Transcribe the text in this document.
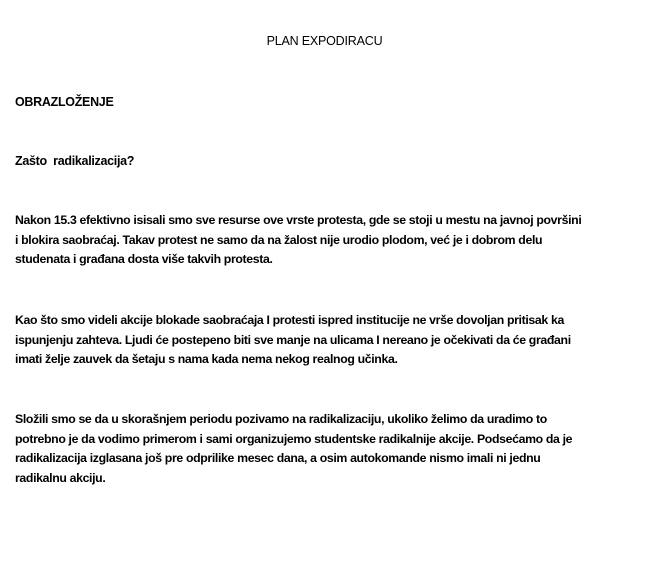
PLAN EXPODIRACU
OBRAZLOŽENJE
Zašto  radikalizacija?
Nakon 15.3 efektivno isisali smo sve resurse ove vrste protesta, gde se stoji u mestu na javnoj površini
i blokira saobraćaj. Takav protest ne samo da na žalost nije urodio plodom, već je i dobrom delu
studenata i građana dosta više takvih protesta.
Kao što smo videli akcije blokade saobraćaja I protesti ispred institucije ne vrše dovoljan pritisak ka
ispunjenju zahteva. Ljudi će postepeno biti sve manje na ulicama I nereano je očekivati da će građani
imati želje zauvek da šetaju s nama kada nema nekog realnog učinka.
Složili smo se da u skorašnjem periodu pozivamo na radikalizaciju, ukoliko želimo da uradimo to
potrebno je da vodimo primerom i sami organizujemo studentske radikalnije akcije. Podsećamo da je
radikalizacija izglasana još pre odprilike mesec dana, a osim autokomande nismo imali ni jednu
radikalnu akciju.
